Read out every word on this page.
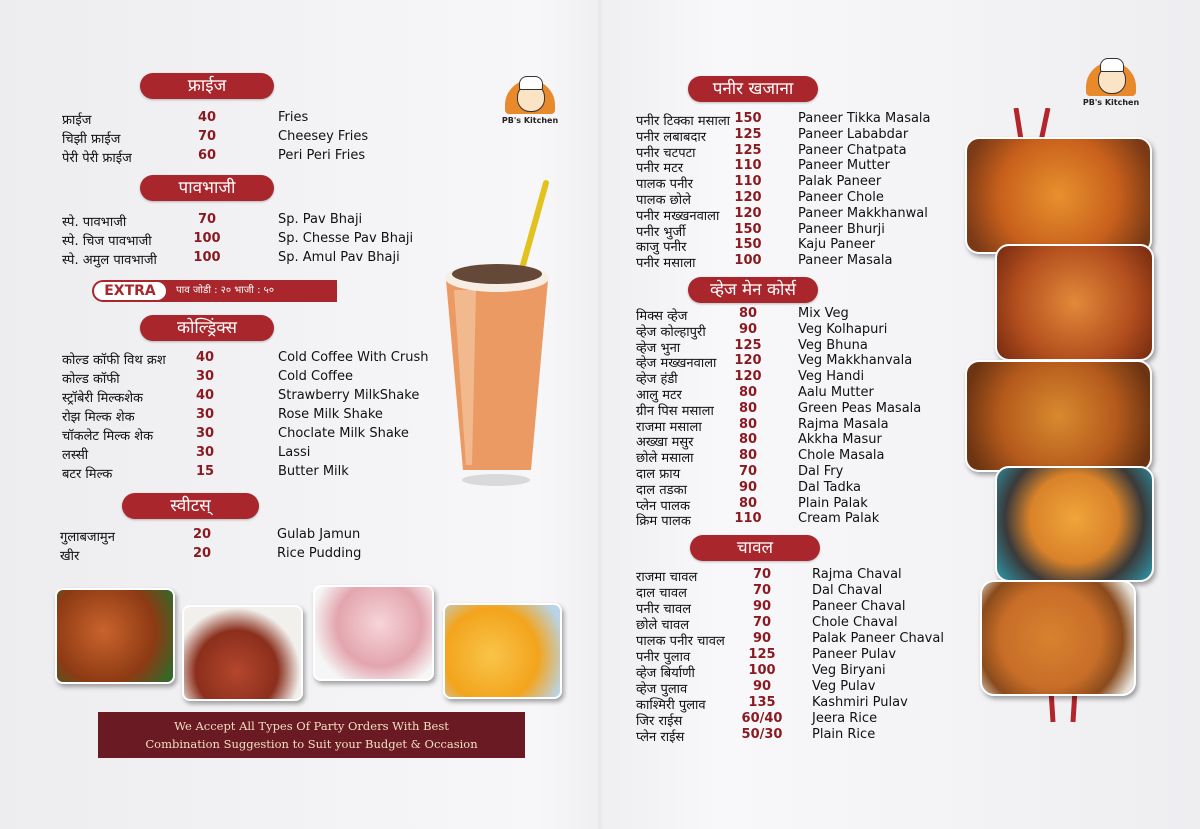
फ्राईज
फ्राईज	40	Fries
चिझी फ्राईज	70	Cheesey Fries
पेरी पेरी फ्राईज	60	Peri Peri Fries
पावभाजी
स्पे. पावभाजी	70	Sp. Pav Bhaji
स्पे. चिज पावभाजी	100	Sp. Chesse Pav Bhaji
स्पे. अमुल पावभाजी	100	Sp. Amul Pav Bhaji
EXTRA	पाव जोडी : २० भाजी : ५०
कोल्ड्रिंक्स
कोल्ड कॉफी विथ क्रश	40	Cold Coffee With Crush
कोल्ड कॉफी	30	Cold Coffee
स्ट्रॉबेरी मिल्कशेक	40	Strawberry MilkShake
रोझ मिल्क शेक	30	Rose Milk Shake
चॉकलेट मिल्क शेक	30	Choclate Milk Shake
लस्सी	30	Lassi
बटर मिल्क	15	Butter Milk
स्वीटस्
गुलाबजामुन	20	Gulab Jamun
खीर	20	Rice Pudding
PB's Kitchen
We Accept All Types Of Party Orders With Best
Combination Suggestion to Suit your Budget & Occasion
पनीर खजाना
पनीर टिक्का मसाला 150	Paneer Tikka Masala
पनीर लबाबदार	125	Paneer Lababdar
पनीर चटपटा	125	Paneer Chatpata
पनीर मटर	110	Paneer Mutter
पालक पनीर	110	Palak Paneer
पालक छोले	120	Paneer Chole
पनीर मख्खनवाला	120	Paneer Makkhanwal
पनीर भुर्जी	150	Paneer Bhurji
काजु पनीर	150	Kaju Paneer
पनीर मसाला	100	Paneer Masala
व्हेज मेन कोर्स
मिक्स व्हेज	80	Mix Veg
व्हेज कोल्हापुरी	90	Veg Kolhapuri
व्हेज भुना	125	Veg Bhuna
व्हेज मख्खनवाला	120	Veg Makkhanvala
व्हेज हंडी	120	Veg Handi
आलु मटर	80	Aalu Mutter
ग्रीन पिस मसाला	80	Green Peas Masala
राजमा मसाला	80	Rajma Masala
अख्खा मसुर	80	Akkha Masur
छोले मसाला	80	Chole Masala
दाल फ्राय	70	Dal Fry
दाल तडका	90	Dal Tadka
प्लेन पालक	80	Plain Palak
क्रिम पालक	110	Cream Palak
चावल
राजमा चावल	70	Rajma Chaval
दाल चावल	70	Dal Chaval
पनीर चावल	90	Paneer Chaval
छोले चावल	70	Chole Chaval
पालक पनीर चावल	90	Palak Paneer Chaval
पनीर पुलाव	125	Paneer Pulav
व्हेज बिर्याणी	100	Veg Biryani
व्हेज पुलाव	90	Veg Pulav
काश्मिरी पुलाव	135	Kashmiri Pulav
जिर राईस	60/40	Jeera Rice
प्लेन राईस	50/30	Plain Rice
PB's Kitchen
